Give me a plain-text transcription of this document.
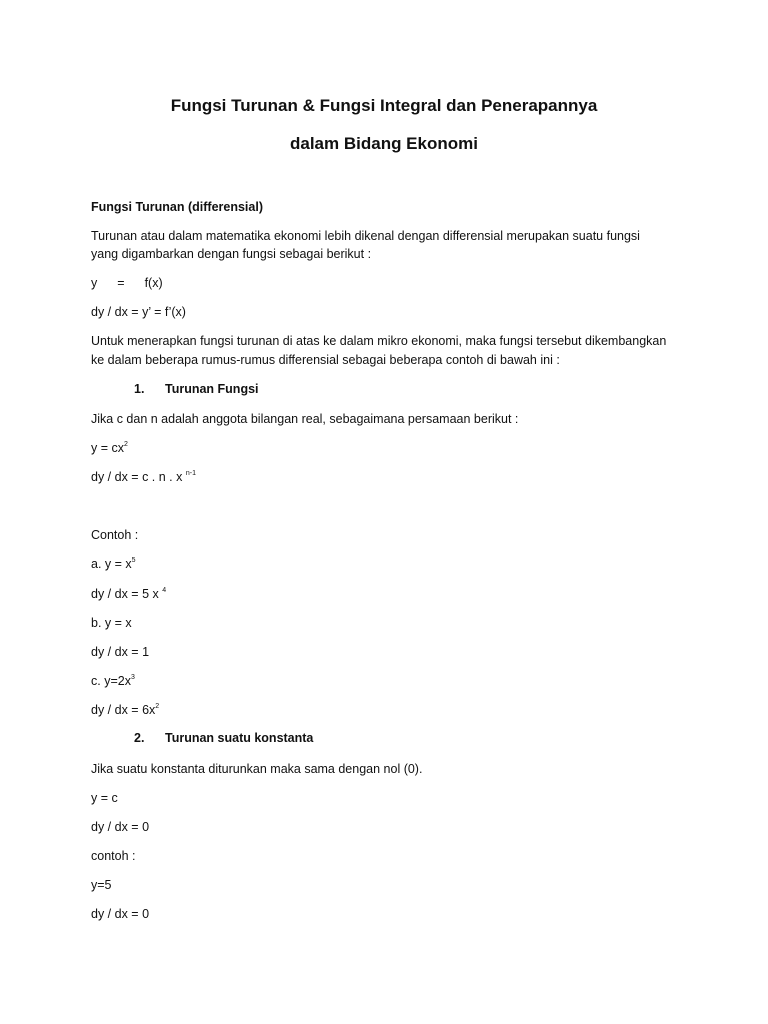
Fungsi Turunan & Fungsi Integral dan Penerapannya
dalam Bidang Ekonomi
Fungsi Turunan (differensial)
Turunan atau dalam matematika ekonomi lebih dikenal dengan differensial merupakan suatu fungsi
yang digambarkan dengan fungsi sebagai berikut :
y = f(x)
dy / dx = y’ = f’(x)
Untuk menerapkan fungsi turunan di atas ke dalam mikro ekonomi, maka fungsi tersebut dikembangkan
ke dalam beberapa rumus-rumus differensial sebagai beberapa contoh di bawah ini :
1. Turunan Fungsi
Jika c dan n adalah anggota bilangan real, sebagaimana persamaan berikut :
$y = cx^2$
dy / dx = c . n . x $^{n-1}$
Contoh :
a. $y = x^5$
dy / dx = 5 x $^4$
b. y = x
dy / dx = 1
c. $y=2x^3$
dy / dx = $6x^2$
2. Turunan suatu konstanta
Jika suatu konstanta diturunkan maka sama dengan nol (0).
y = c
dy / dx = 0
contoh :
y=5
dy / dx = 0
